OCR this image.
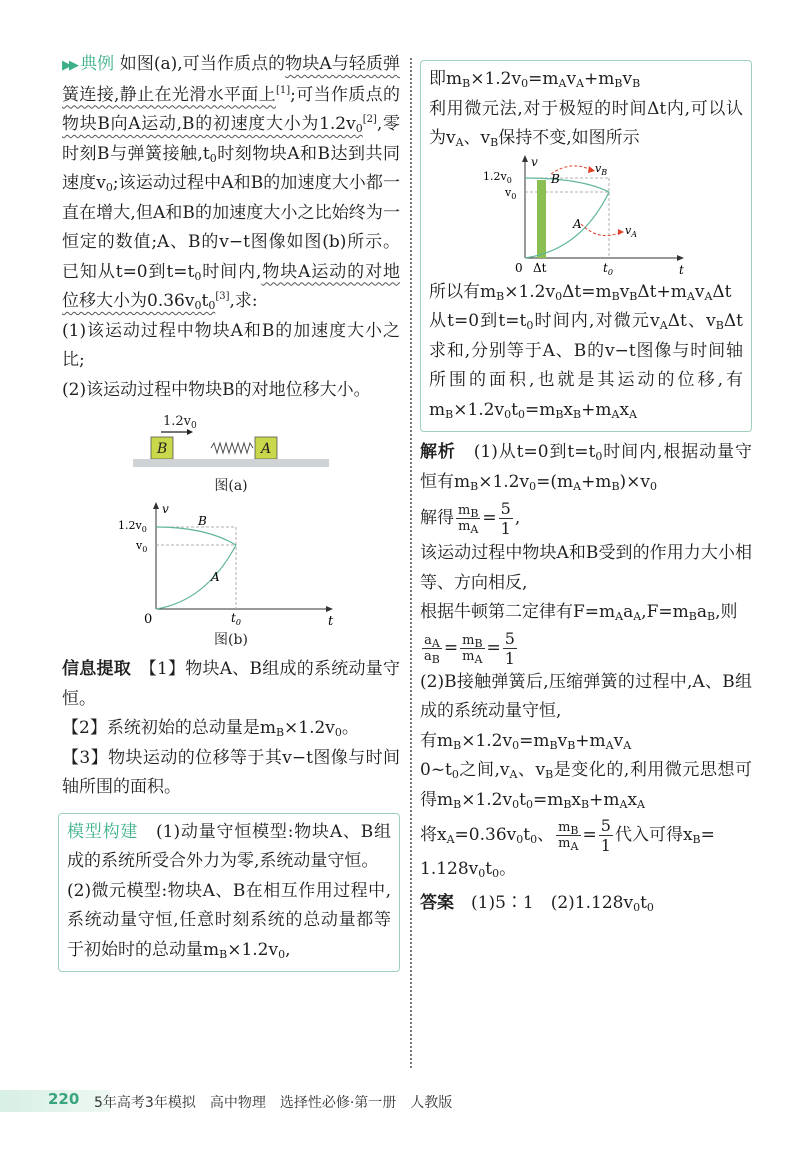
▶▶ 典例 如图(a),可当作质点的物块A与轻质弹簧连接,静止在光滑水平面上[1];可当作质点的物块B向A运动,B的初速度大小为$1.2v_0[2]$,零时刻B与弹簧接触$,t_0$时刻物块A和B达到共同速度$v_0$;该运动过程中A和B的加速度大小都一直在增大,但A和B的加速度大小之比始终为一恒定的数值;A、B的v−t图像如图(b)所示。已知从t=0到$t=t_0$时间内,物块A运动的对地位移大小为$0.36v_0t_0[3]$,求:

(1)该运动过程中物块A和B的加速度大小之比;

(2)该运动过程中物块B的对地位移大小。

$1.2v_0$
B	A
图(a)
v
t
0
$1.2v_0$
$v_0$
B
A
$t_0$
图(b)

信息提取　 【1】物块A、B组成的系统动量守恒。

【2】系统初始的总动量是$m_B\times 1.2v_0$。

【3】物块运动的位移等于其v−t图像与时间轴所围的面积。

模型构建　 (1)动量守恒模型:物块A、B组成的系统所受合外力为零,系统动量守恒。

(2)微元模型:物块A、B在相互作用过程中,系统动量守恒,任意时刻系统的总动量都等于初始时的总动量$m_B\times 1.2v_0$,

即$m_B\times 1.2v_0=m_Av_A+m_Bv_B$

利用微元法,对于极短的时间Δt内,可以认为$v_A$、$v_B$保持不变,如图所示

v
t
0
$1.2v_0$
$v_0$
B
A
$v_B$
$v_A$
Δt	$t_0$

所以有$m_B\times 1.2v_0\Delta t=m_Bv_B\Delta t+m_Av_A\Delta t$

从t=0到$t=t_0$时间内,对微元$v_A\Delta t$、$v_B\Delta t$求和,分别等于A、B的v−t图像与时间轴所围的面积,也就是其运动的位移,有$m_B\times 1.2v_0t_0=m_Bx_B+m_Ax_A$

解析　 (1)从t=0到$t=t_0$时间内,根据动量守恒有$m_B\times 1.2v_0=(m_A+m_B)\times v_0$

解得 $\frac{m_B}{m_A} = \frac{5}{1}$ ,

该运动过程中物块A和B受到的作用力大小相等、方向相反,

根据牛顿第二定律有$F=m_Aa_A,F=m_Ba_B$,则

$\frac{a_A}{a_B} = \frac{m_B}{m_A} = \frac{5}{1}$

(2)B接触弹簧后,压缩弹簧的过程中,A、B组成的系统动量守恒,

有$m_B\times 1.2v_0=m_Bv_B+m_Av_A$

$0\sim t_0$之间$,v_A$、$v_B$是变化的,利用微元思想可得$m_B\times 1.2v_0t_0=m_Bx_B+m_Ax_A$

将$x_A=0.36v_0t_0$、 $\frac{m_B}{m_A} = \frac{5}{1}$ 代入可得$x_B=$

$1.128v_0t_0$。

答案　 (1)5∶1　$(2)1.128v_0t_0$

220 5年高考3年模拟　高中物理　选择性必修·第一册　人教版
